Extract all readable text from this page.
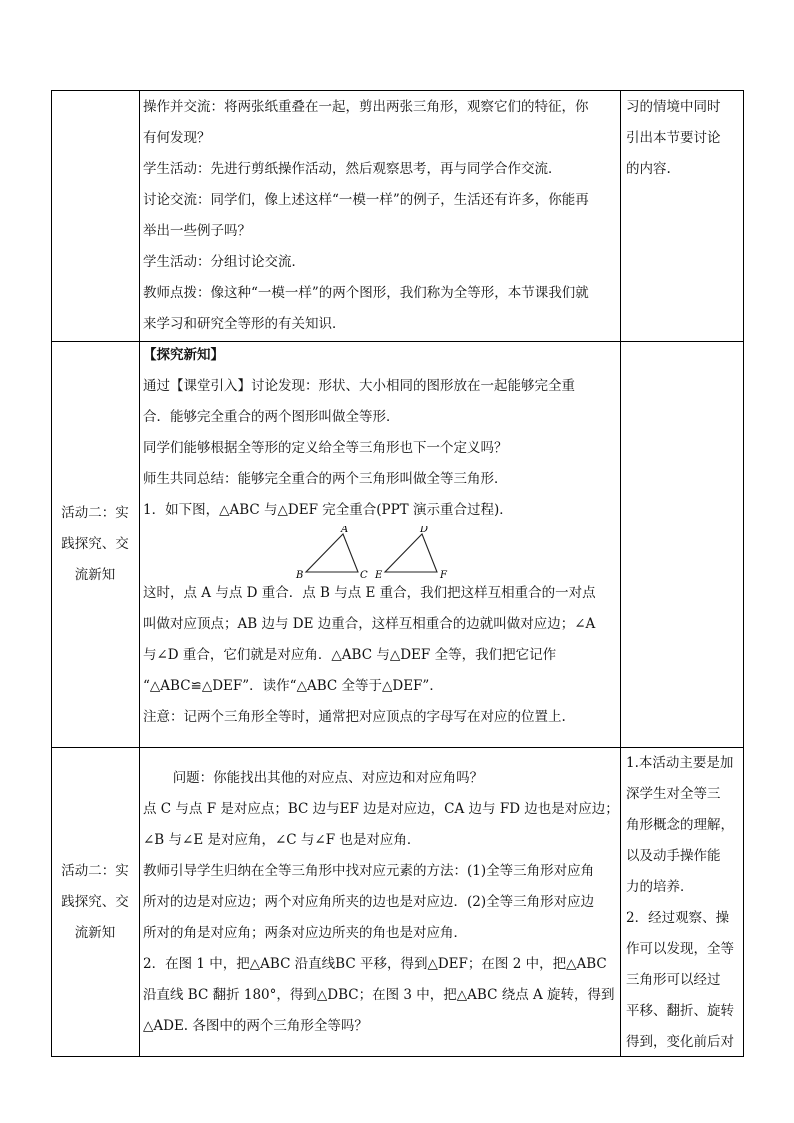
操作并交流：将两张纸重叠在一起，剪出两张三角形，观察它们的特征，你

有何发现？

学生活动：先进行剪纸操作活动，然后观察思考，再与同学合作交流．

讨论交流：同学们，像上述这样“一模一样”的例子，生活还有许多，你能再

举出一些例子吗？

学生活动：分组讨论交流．

教师点拨：像这种“一模一样”的两个图形，我们称为全等形，本节课我们就

来学习和研究全等形的有关知识．

习的情境中同时

引出本节要讨论

的内容.

活动二：实

践探究、交

流新知

【探究新知】

通过【课堂引入】讨论发现：形状、大小相同的图形放在一起能够完全重

合．能够完全重合的两个图形叫做全等形．

同学们能够根据全等形的定义给全等三角形也下一个定义吗？

师生共同总结：能够完全重合的两个三角形叫做全等三角形．

1．如下图，△ABC 与△DEF 完全重合(PPT 演示重合过程)．

A
B	C
D
E	F

这时，点 A 与点 D 重合．点 B 与点 E 重合，我们把这样互相重合的一对点

叫做对应顶点；AB 边与 DE 边重合，这样互相重合的边就叫做对应边；∠A

与∠D 重合，它们就是对应角．△ABC 与△DEF 全等，我们把它记作

“△ABC≌△DEF”．读作“△ABC 全等于△DEF”．

注意：记两个三角形全等时，通常把对应顶点的字母写在对应的位置上.

活动二：实

践探究、交

流新知

问题：你能找出其他的对应点、对应边和对应角吗？

点 C 与点 F 是对应点；BC 边与EF 边是对应边，CA 边与 FD 边也是对应边；

∠B 与∠E 是对应角，∠C 与∠F 也是对应角．

教师引导学生归纳在全等三角形中找对应元素的方法：(1)全等三角形对应角

所对的边是对应边；两个对应角所夹的边也是对应边．(2)全等三角形对应边

所对的角是对应角；两条对应边所夹的角也是对应角．

2．在图 1 中，把△ABC 沿直线BC 平移，得到△DEF；在图 2 中，把△ABC

沿直线 BC 翻折 180°，得到△DBC；在图 3 中，把△ABC 绕点 A 旋转，得到

△ADE. 各图中的两个三角形全等吗？

1.本活动主要是加

深学生对全等三

角形概念的理解，

以及动手操作能

力的培养．

2．经过观察、操

作可以发现，全等

三角形可以经过

平移、翻折、旋转

得到，变化前后对
